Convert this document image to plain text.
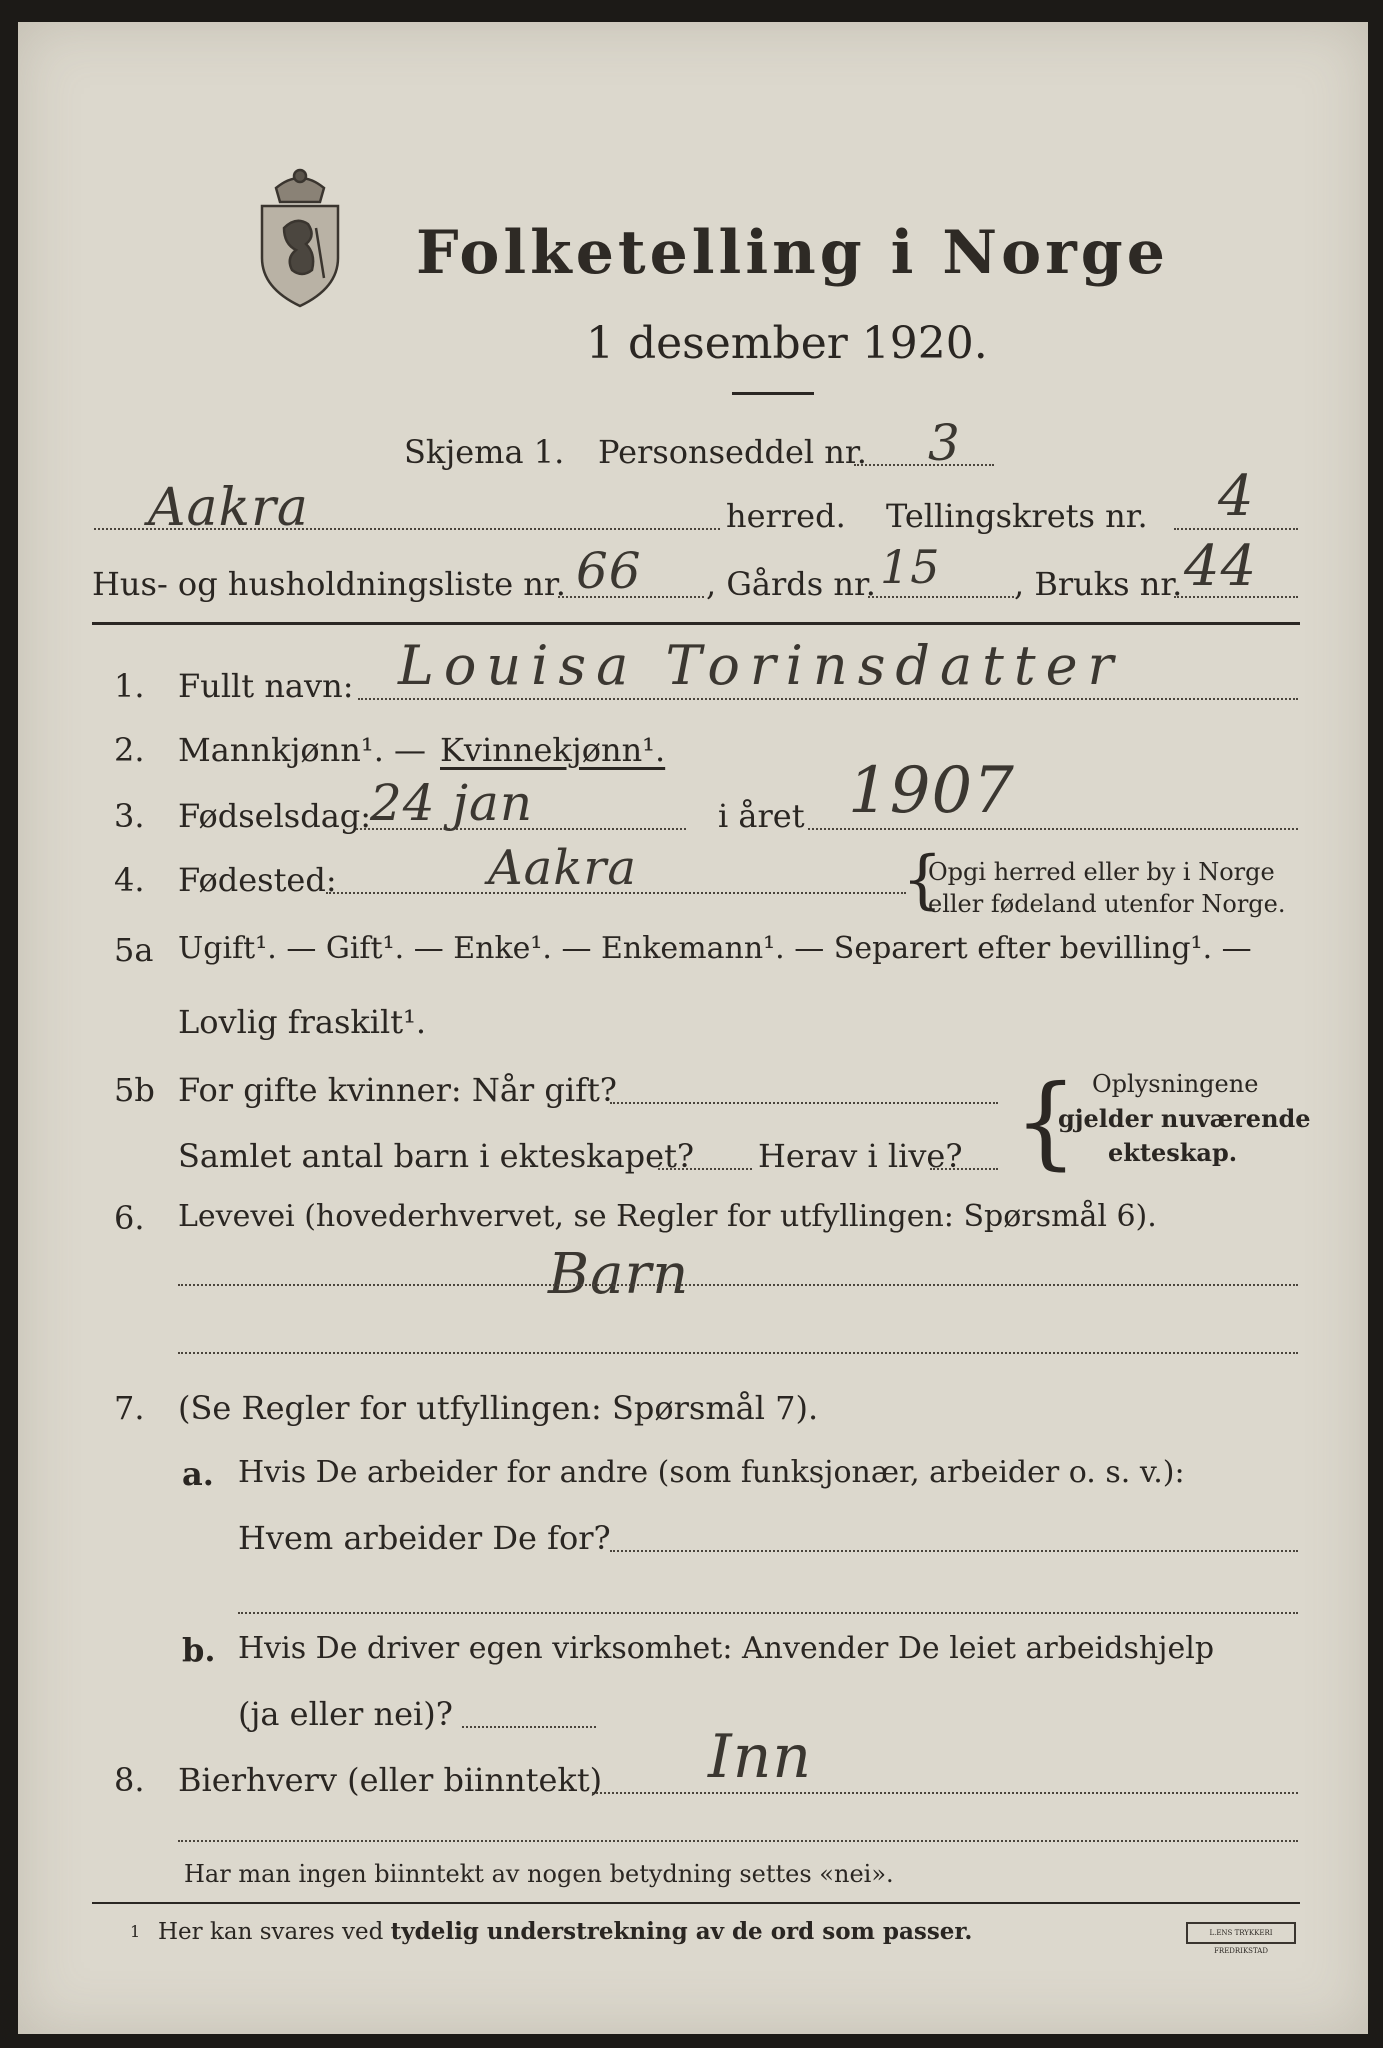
Folketelling i Norge
1 desember 1920.
Skjema 1. Personseddel nr. 3
Aakra	herred. Tellingskrets nr. 4
Hus- og husholdningsliste nr. 66 , Gårds nr. 15 , Bruks nr. 44
1. Fullt navn: Louisa Torinsdatter
2. Mannkjønn¹. — Kvinnekjønn¹.
3. Fødselsdag:
24 jan	i året 1907
4. Fødested:	Aakra	{
Opgi herred eller by i Norge
eller fødeland utenfor Norge.
5a Ugift¹. — Gift¹. — Enke¹. — Enkemann¹. — Separert efter bevilling¹. —
Lovlig fraskilt¹.
5b For gifte kvinner: Når gift?
Samlet antal barn i ekteskapet? Herav i live? { Oplysningene
gjelder nuværende
ekteskap.
6. Levevei (hovederhvervet, se Regler for utfyllingen: Spørsmål 6).
Barn
7. (Se Regler for utfyllingen: Spørsmål 7).
a. Hvis De arbeider for andre (som funksjonær, arbeider o. s. v.):
Hvem arbeider De for?
b. Hvis De driver egen virksomhet: Anvender De leiet arbeidshjelp
(ja eller nei)?
8. Bierhverv (eller biinntekt) Inn
Har man ingen biinntekt av nogen betydning settes «nei».
1 Her kan svares ved tydelig understrekning av de ord som passer.	L.ENS TRYKKERI FREDRIKSTAD
